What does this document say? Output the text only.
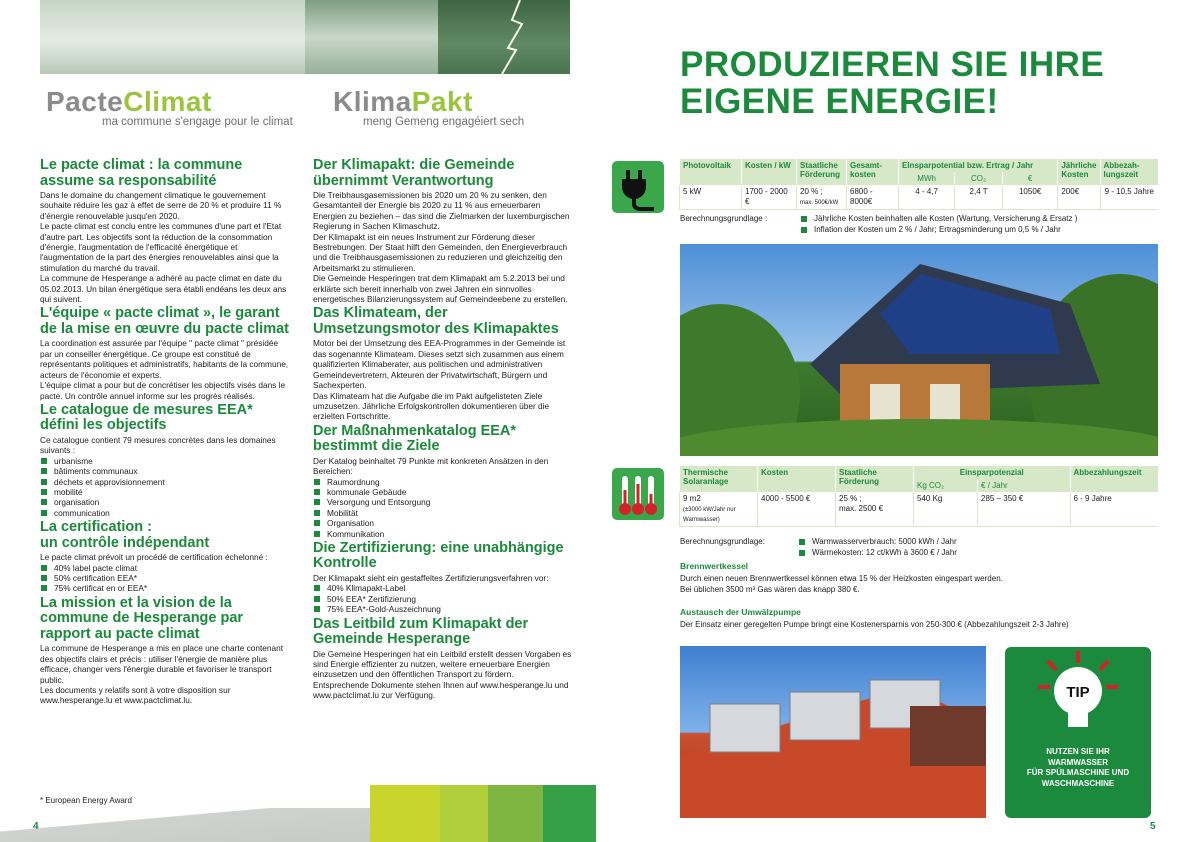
PacteClimat
ma commune s'engage pour le climat
KlimaPakt
meng Gemeng engagéiert sech
Le pacte climat : la commune assume sa responsabilité

Dans le domaine du changement climatique le gouvernement souhaite réduire les gaz à effet de serre de 20 % et produire 11 % d'énergie renouvelable jusqu'en 2020.

Le pacte climat est conclu entre les communes d'une part et l'Etat d'autre part. Les objectifs sont la réduction de la consommation d'énergie, l'augmentation de l'efficacité énergétique et l'augmentation de la part des énergies renouvelables ainsi que la stimulation du marché du travail.

La commune de Hesperange a adhéré au pacte climat en date du 05.02.2013. Un bilan énergétique sera établi endéans les deux ans qui suivent.

L'équipe « pacte climat », le garant de la mise en œuvre du pacte climat

La coordination est assurée par l'équipe " pacte climat " présidée par un conseiller énergétique. Ce groupe est constitué de représentants politiques et administratifs, habitants de la commune, acteurs de l'économie et experts.

L'équipe climat a pour but de concrétiser les objectifs visés dans le pacte. Un contrôle annuel informe sur les progrès réalisés.

Le catalogue de mesures EEA* défini les objectifs

Ce catalogue contient 79 mesures concrètes dans les domaines suivants :

urbanisme
bâtiments communaux
déchets et approvisionnement
mobilité
organisation
communication
La certification :
un contrôle indépendant

Le pacte climat prévoit un procédé de certification échelonné :

40% label pacte climat
50% certification EEA*
75% certificat en or EEA*
La mission et la vision de la commune de Hesperange par rapport au pacte climat

La commune de Hesperange a mis en place une charte contenant des objectifs clairs et précis : utiliser l'énergie de manière plus efficace, changer vers l'énergie durable et favoriser le transport public.

Les documents y relatifs sont à votre disposition sur www.hesperange.lu et www.pactclimat.lu.

Der Klimapakt: die Gemeinde übernimmt Verantwortung

Die Treibhausgasemissionen bis 2020 um 20 % zu senken, den Gesamtanteil der Energie bis 2020 zu 11 % aus erneuerbaren Energien zu beziehen – das sind die Zielmarken der luxemburgischen Regierung in Sachen Klimaschutz.

Der Klimapakt ist ein neues Instrument zur Förderung dieser Bestrebungen. Der Staat hilft den Gemeinden, den Energieverbrauch und die Treibhausgasemissionen zu reduzieren und gleichzeitig den Arbeitsmarkt zu stimulieren.

Die Gemeinde Hesperingen trat dem Klimapakt am 5.2.2013 bei und erklärte sich bereit innerhalb von zwei Jahren ein sinnvolles energetisches Bilanzierungssystem auf Gemeindeebene zu erstellen.

Das Klimateam, der Umsetzungsmotor des Klimapaktes

Motor bei der Umsetzung des EEA-Programmes in der Gemeinde ist das sogenannte Klimateam. Dieses setzt sich zusammen aus einem qualifizierten Klimaberater, aus politischen und administrativen Gemeindevertretern, Akteuren der Privatwirtschaft, Bürgern und Sachexperten.

Das Klimateam hat die Aufgabe die im Pakt aufgelisteten Ziele umzusetzen. Jährliche Erfolgskontrollen dokumentieren über die erzielten Fortschritte.

Der Maßnahmenkatalog EEA* bestimmt die Ziele

Der Katalog beinhaltet 79 Punkte mit konkreten Ansätzen in den Bereichen:

Raumordnung
kommunale Gebäude
Versorgung und Entsorgung
Mobilität
Organisation
Kommunikation
Die Zertifizierung: eine unabhängige Kontrolle

Der Klimapakt sieht ein gestaffeltes Zertifizierungsverfahren vor:

40% Klimapakt-Label
50% EEA* Zertifizierung
75% EEA*-Gold-Auszeichnung
Das Leitbild zum Klimapakt der Gemeinde Hesperange

Die Gemeine Hesperingen hat ein Leitbild erstellt dessen Vorgaben es sind Energie effizienter zu nutzen, weitere erneuerbare Energien einzusetzen und den öffentlichen Transport zu fördern.

Entsprechende Dokumente stehen Ihnen auf www.hesperange.lu und www.pactclimat.lu zur Verfügung.

* European Energy Award
4
PRODUZIEREN SIE IHRE
EIGENE ENERGIE!
Photovoltaik	Kosten / kW	Staatliche Förderung	Gesamt-kosten	Einsparpotential bzw. Ertrag / Jahr			Jährliche Kosten	Abbezah-lungszeit
				MWh	CO₂	€		
5 kW	1700 - 2000 €	20 % ;
max. 500€/kW	6800 - 8000€	4 - 4,7	2,4 T	1050€	200€	9 - 10,5 Jahre
Berechnungsgrundlage :	Jährliche Kosten beinhalten alle Kosten (Wartung, Versicherung & Ersatz )
Inflation der Kosten um 2 % / Jahr; Ertragsminderung um 0,5 % / Jahr
Thermische Solaranlage	Kosten	Staatliche Förderung	Einsparpotenzial		Abbezahlungszeit
			Kg CO₂	€ / Jahr	
9 m2
(±3000 kW/Jahr nur Warmwasser)	4000 - 5500 €	25 % ;
max. 2500 €	540 Kg	285 – 350 €	6 - 9 Jahre
Berechnungsgrundlage:	Warmwasserverbrauch: 5000 kWh / Jahr
Wärmekosten: 12 ct/kWh à 3600 € / Jahr
Brennwertkessel
Durch einen neuen Brennwertkessel können etwa 15 % der Heizkosten eingespart werden.
Bei üblichen 3500 m³ Gas wären das knapp 380 €.
Austausch der Umwälzpumpe
Der Einsatz einer geregelten Pumpe bringt eine Kostenersparnis von 250-300 € (Abbezahlungszeit 2-3 Jahre)
TIP
NUTZEN SIE IHR
WARMWASSER
FÜR SPÜLMASCHINE UND
WASCHMASCHINE
5
